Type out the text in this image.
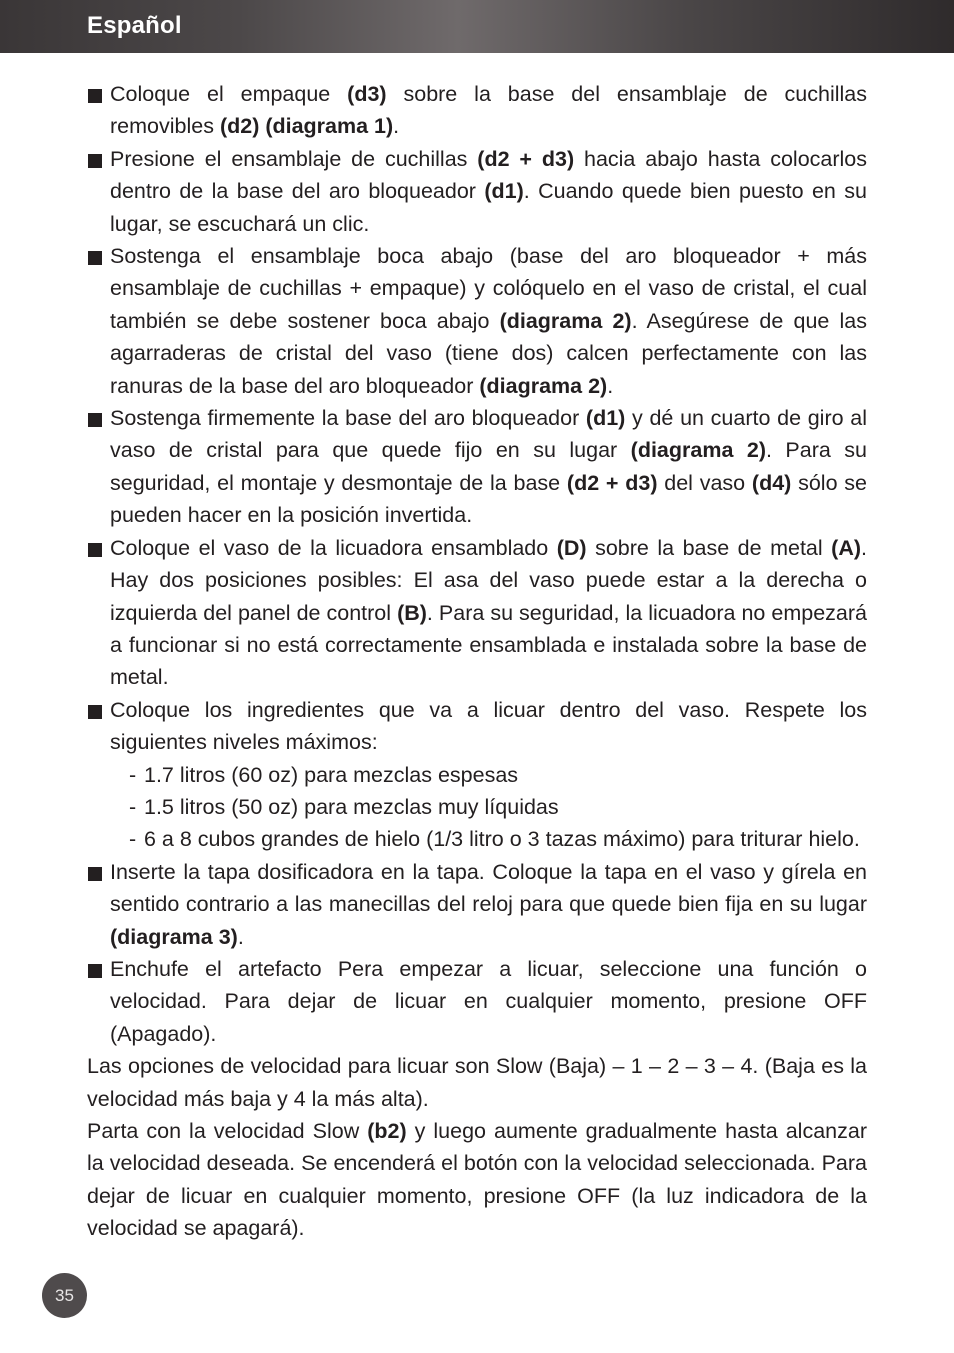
Español
Coloque el empaque (d3) sobre la base del ensamblaje de cuchillas removibles (d2) (diagrama 1).
Presione el ensamblaje de cuchillas (d2 + d3) hacia abajo hasta colocarlos dentro de la base del aro bloqueador (d1). Cuando quede bien puesto en su lugar, se escuchará un clic.
Sostenga el ensamblaje boca abajo (base del aro bloqueador + más ensamblaje de cuchillas + empaque) y colóquelo en el vaso de cristal, el cual también se debe sostener boca abajo (diagrama 2). Asegúrese de que las agarraderas de cristal del vaso (tiene dos) calcen perfectamente con las ranuras de la base del aro bloqueador (diagrama 2).
Sostenga firmemente la base del aro bloqueador (d1) y dé un cuarto de giro al vaso de cristal para que quede fijo en su lugar (diagrama 2). Para su seguridad, el montaje y desmontaje de la base (d2 + d3) del vaso (d4) sólo se pueden hacer en la posición invertida.
Coloque el vaso de la licuadora ensamblado (D) sobre la base de metal (A). Hay dos posiciones posibles: El asa del vaso puede estar a la derecha o izquierda del panel de control (B). Para su seguridad, la licuadora no empezará a funcionar si no está correctamente ensamblada e instalada sobre la base de metal.
Coloque los ingredientes que va a licuar dentro del vaso. Respete los siguientes niveles máximos:
- 1.7 litros (60 oz) para mezclas espesas
- 1.5 litros (50 oz) para mezclas muy líquidas
- 6 a 8 cubos grandes de hielo (1/3 litro o 3 tazas máximo) para triturar hielo.
Inserte la tapa dosificadora en la tapa. Coloque la tapa en el vaso y gírela en sentido contrario a las manecillas del reloj para que quede bien fija en su lugar (diagrama 3).
Enchufe el artefacto Pera empezar a licuar, seleccione una función o velocidad. Para dejar de licuar en cualquier momento, presione OFF (Apagado).
Las opciones de velocidad para licuar son Slow (Baja) – 1 – 2 – 3 – 4. (Baja es la velocidad más baja y 4 la más alta).
Parta con la velocidad Slow (b2) y luego aumente gradualmente hasta alcanzar la velocidad deseada. Se encenderá el botón con la velocidad seleccionada. Para dejar de licuar en cualquier momento, presione OFF (la luz indicadora de la velocidad se apagará).
35
